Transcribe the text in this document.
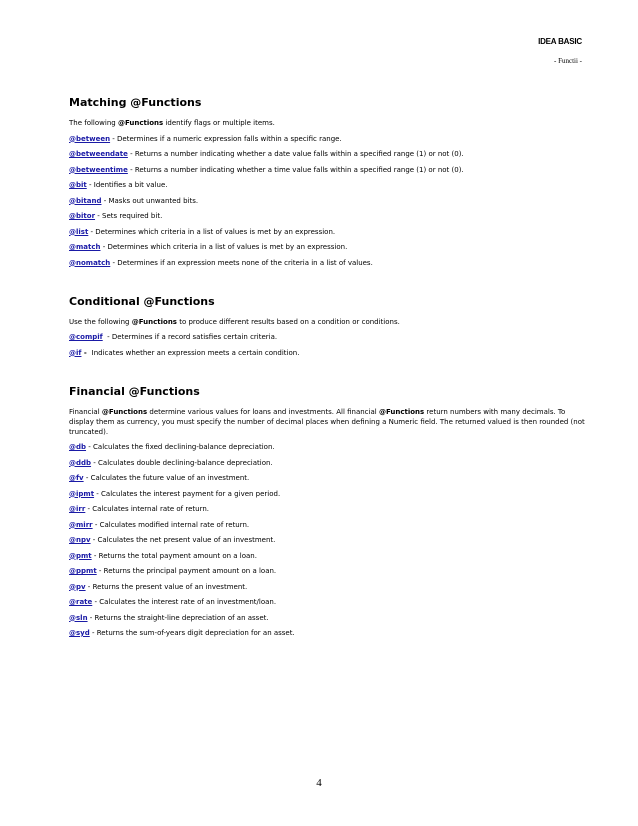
IDEA BASIC
- Functii -
Matching @Functions
The following @Functions identify flags or multiple items.
@between - Determines if a numeric expression falls within a specific range.
@betweendate - Returns a number indicating whether a date value falls within a specified range (1) or not (0).
@betweentime - Returns a number indicating whether a time value falls within a specified range (1) or not (0).
@bit - Identifies a bit value.
@bitand - Masks out unwanted bits.
@bitor - Sets required bit.
@list - Determines which criteria in a list of values is met by an expression.
@match - Determines which criteria in a list of values is met by an expression.
@nomatch - Determines if an expression meets none of the criteria in a list of values.
Conditional @Functions
Use the following @Functions to produce different results based on a condition or conditions.
@compif  - Determines if a record satisfies certain criteria.
@if -  Indicates whether an expression meets a certain condition.
Financial @Functions
Financial @Functions determine various values for loans and investments. All financial @Functions return numbers with many decimals. To display them as currency, you must specify the number of decimal places when defining a Numeric field. The returned valued is then rounded (not truncated).
@db - Calculates the fixed declining-balance depreciation.
@ddb - Calculates double declining-balance depreciation.
@fv - Calculates the future value of an investment.
@ipmt - Calculates the interest payment for a given period.
@irr - Calculates internal rate of return.
@mirr - Calculates modified internal rate of return.
@npv - Calculates the net present value of an investment.
@pmt - Returns the total payment amount on a loan.
@ppmt - Returns the principal payment amount on a loan.
@pv - Returns the present value of an investment.
@rate - Calculates the interest rate of an investment/loan.
@sln - Returns the straight-line depreciation of an asset.
@syd - Returns the sum-of-years digit depreciation for an asset.
4
